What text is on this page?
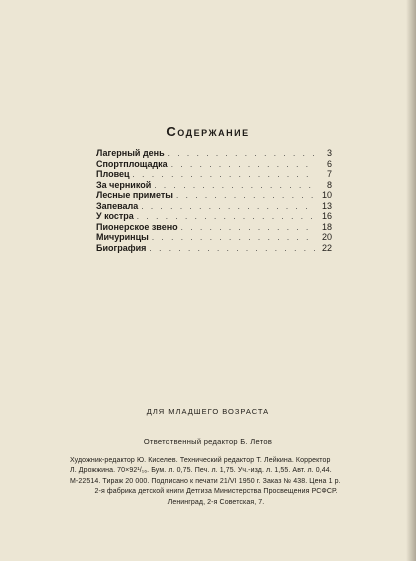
Содержание
Лагерный день . . .	3
Спортплощадка . . .	6
Пловец . . .	7
За черникой . . .	8
Лесные приметы . . .	10
Запевала . . .	13
У костра . . .	16
Пионерское звено . . .	18
Мичуринцы . . .	20
Биография . . .	22
ДЛЯ МЛАДШЕГО ВОЗРАСТА
Ответственный редактор Б. Летов
Художник-редактор Ю. Киселев. Технический редактор Т. Лейкина. Корректор
Л. Дрожжина. 70×92¹/₁₆. Бум. л. 0,75. Печ. л. 1,75. Уч.-изд. л. 1,55. Авт. л. 0,44.
М-22514. Тираж 20 000. Подписано к печати 21/VI 1950 г. Заказ № 438. Цена 1 р.
2-я фабрика детской книги Детгиза Министерства Просвещения РСФСР.
Ленинград, 2-я Советская, 7.
